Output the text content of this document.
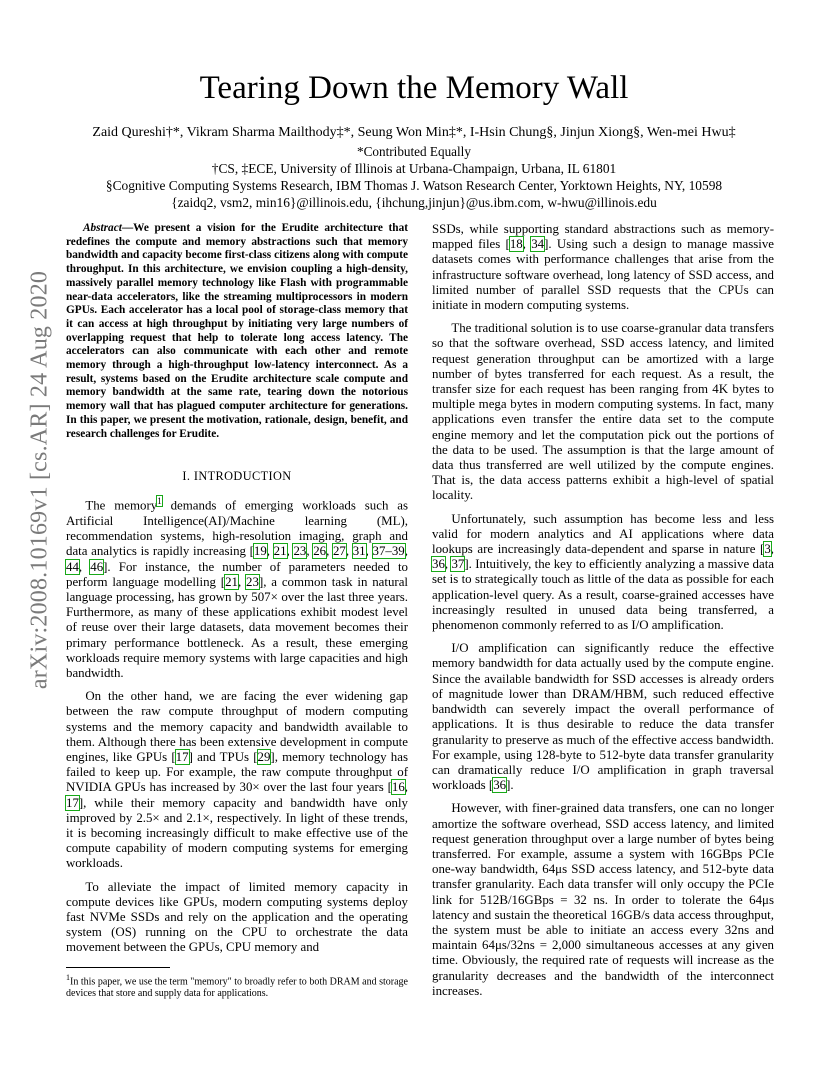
arXiv:2008.10169v1 [cs.AR] 24 Aug 2020
Tearing Down the Memory Wall
Zaid Qureshi†*, Vikram Sharma Mailthody‡*, Seung Won Min‡*, I-Hsin Chung§, Jinjun Xiong§, Wen-mei Hwu‡
*Contributed Equally
†CS, ‡ECE, University of Illinois at Urbana-Champaign, Urbana, IL 61801
§Cognitive Computing Systems Research, IBM Thomas J. Watson Research Center, Yorktown Heights, NY, 10598
{zaidq2, vsm2, min16}@illinois.edu, {ihchung,jinjun}@us.ibm.com, w-hwu@illinois.edu

Abstract—We present a vision for the Erudite architecture that redefines the compute and memory abstractions such that memory bandwidth and capacity become first-class citizens along with compute throughput. In this architecture, we envision coupling a high-density, massively parallel memory technology like Flash with programmable near-data accelerators, like the streaming multiprocessors in modern GPUs. Each accelerator has a local pool of storage-class memory that it can access at high throughput by initiating very large numbers of overlapping request that help to tolerate long access latency. The accelerators can also communicate with each other and remote memory through a high-throughput low-latency interconnect. As a result, systems based on the Erudite architecture scale compute and memory bandwidth at the same rate, tearing down the notorious memory wall that has plagued computer architecture for generations. In this paper, we present the motivation, rationale, design, benefit, and research challenges for Erudite.

I. INTRODUCTION

The memory$^1$ demands of emerging workloads such as Artificial Intelligence(AI)/Machine learning (ML), recommendation systems, high-resolution imaging, graph and data analytics is rapidly increasing [19, 21, 23, 26, 27, 31, 37–39, 44, 46]. For instance, the number of parameters needed to perform language modelling [21, 23], a common task in natural language processing, has grown by 507× over the last three years. Furthermore, as many of these applications exhibit modest level of reuse over their large datasets, data movement becomes their primary performance bottleneck. As a result, these emerging workloads require memory systems with large capacities and high bandwidth.

On the other hand, we are facing the ever widening gap between the raw compute throughput of modern computing systems and the memory capacity and bandwidth available to them. Although there has been extensive development in compute engines, like GPUs [17] and TPUs [29], memory technology has failed to keep up. For example, the raw compute throughput of NVIDIA GPUs has increased by 30× over the last four years [16, 17], while their memory capacity and bandwidth have only improved by 2.5× and 2.1×, respectively. In light of these trends, it is becoming increasingly difficult to make effective use of the compute capability of modern computing systems for emerging workloads.

To alleviate the impact of limited memory capacity in compute devices like GPUs, modern computing systems deploy fast NVMe SSDs and rely on the application and the operating system (OS) running on the CPU to orchestrate the data movement between the GPUs, CPU memory and

SSDs, while supporting standard abstractions such as memory-mapped files [18, 34]. Using such a design to manage massive datasets comes with performance challenges that arise from the infrastructure software overhead, long latency of SSD access, and limited number of parallel SSD requests that the CPUs can initiate in modern computing systems.

The traditional solution is to use coarse-granular data transfers so that the software overhead, SSD access latency, and limited request generation throughput can be amortized with a large number of bytes transferred for each request. As a result, the transfer size for each request has been ranging from 4K bytes to multiple mega bytes in modern computing systems. In fact, many applications even transfer the entire data set to the compute engine memory and let the computation pick out the portions of the data to be used. The assumption is that the large amount of data thus transferred are well utilized by the compute engines. That is, the data access patterns exhibit a high-level of spatial locality.

Unfortunately, such assumption has become less and less valid for modern analytics and AI applications where data lookups are increasingly data-dependent and sparse in nature [3, 36, 37]. Intuitively, the key to efficiently analyzing a massive data set is to strategically touch as little of the data as possible for each application-level query. As a result, coarse-grained accesses have increasingly resulted in unused data being transferred, a phenomenon commonly referred to as I/O amplification.

I/O amplification can significantly reduce the effective memory bandwidth for data actually used by the compute engine. Since the available bandwidth for SSD accesses is already orders of magnitude lower than DRAM/HBM, such reduced effective bandwidth can severely impact the overall performance of applications. It is thus desirable to reduce the data transfer granularity to preserve as much of the effective access bandwidth. For example, using 128-byte to 512-byte data transfer granularity can dramatically reduce I/O amplification in graph traversal workloads [36].

However, with finer-grained data transfers, one can no longer amortize the software overhead, SSD access latency, and limited request generation throughput over a large number of bytes being transferred. For example, assume a system with 16GBps PCIe one-way bandwidth, 64μs SSD access latency, and 512-byte data transfer granularity. Each data transfer will only occupy the PCIe link for 512B/16GBps = 32 ns. In order to tolerate the 64μs latency and sustain the theoretical 16GB/s data access throughput, the system must be able to initiate an access every 32ns and maintain 64μs/32ns = 2,000 simultaneous accesses at any given time. Obviously, the required rate of requests will increase as the granularity decreases and the bandwidth of the interconnect increases.

$^1$In this paper, we use the term "memory" to broadly refer to both DRAM and storage devices that store and supply data for applications.
